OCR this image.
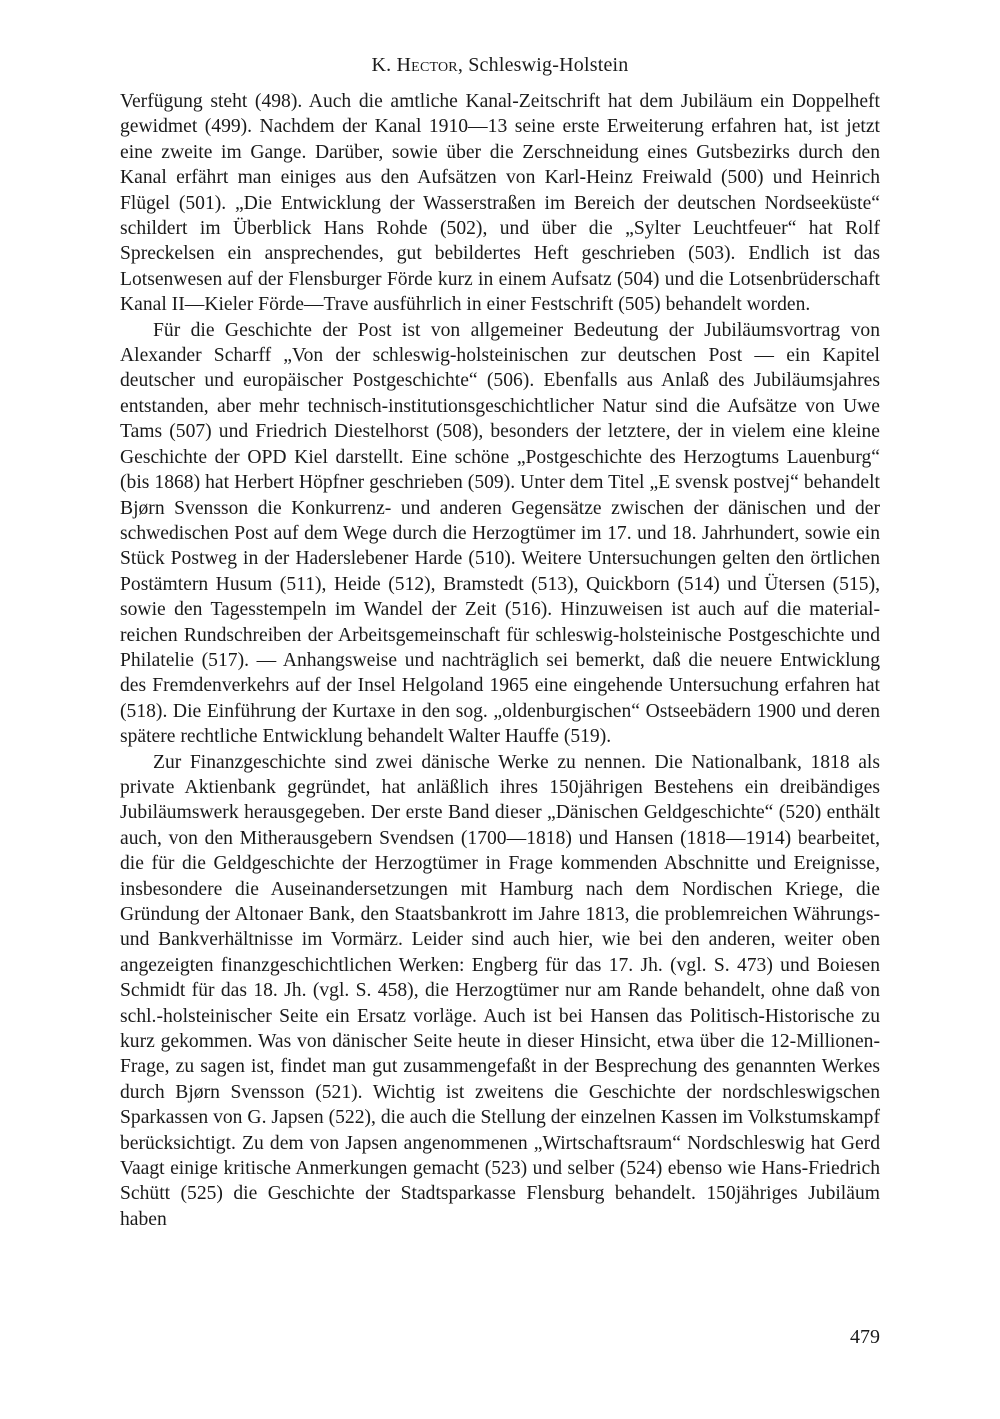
K. Hector, Schleswig-Holstein

Verfügung steht (498). Auch die amtliche Kanal-Zeitschrift hat dem Jubiläum ein Doppelheft gewidmet (499). Nachdem der Kanal 1910—13 seine erste Erweiterung erfahren hat, ist jetzt eine zweite im Gange. Darüber, sowie über die Zerschneidung eines Gutsbezirks durch den Kanal erfährt man einiges aus den Aufsätzen von Karl-Heinz Freiwald (500) und Heinrich Flügel (501). „Die Entwicklung der Wasserstraßen im Bereich der deutschen Nordseeküste“ schildert im Überblick Hans Rohde (502), und über die „Sylter Leuchtfeuer“ hat Rolf Spreckelsen ein ansprechendes, gut bebildertes Heft geschrieben (503). Endlich ist das Lotsenwesen auf der Flensburger Förde kurz in einem Aufsatz (504) und die Lotsenbrüderschaft Kanal II—Kieler Förde—Trave ausführlich in einer Festschrift (505) behandelt worden.

Für die Geschichte der Post ist von allgemeiner Bedeutung der Jubiläumsvortrag von Alexander Scharff „Von der schleswig-holsteinischen zur deutschen Post — ein Kapitel deutscher und europäischer Postgeschichte“ (506). Ebenfalls aus Anlaß des Jubiläumsjahres entstanden, aber mehr technisch-institutionsgeschichtlicher Natur sind die Aufsätze von Uwe Tams (507) und Friedrich Diestelhorst (508), besonders der letztere, der in vielem eine kleine Geschichte der OPD Kiel darstellt. Eine schöne „Postgeschichte des Herzogtums Lauenburg“ (bis 1868) hat Herbert Höpfner geschrieben (509). Unter dem Titel „E svensk postvej“ behandelt Bjørn Svensson die Konkurrenz- und anderen Gegensätze zwischen der dänischen und der schwedischen Post auf dem Wege durch die Herzogtümer im 17. und 18. Jahrhundert, sowie ein Stück Postweg in der Haderslebener Harde (510). Weitere Untersuchungen gelten den örtlichen Postämtern Husum (511), Heide (512), Bramstedt (513), Quickborn (514) und Ütersen (515), sowie den Tagesstempeln im Wandel der Zeit (516). Hinzuweisen ist auch auf die materialreichen Rundschreiben der Arbeitsgemeinschaft für schleswig-holsteinische Postgeschichte und Philatelie (517). — Anhangsweise und nachträglich sei bemerkt, daß die neuere Entwicklung des Fremdenverkehrs auf der Insel Helgoland 1965 eine eingehende Untersuchung erfahren hat (518). Die Einführung der Kurtaxe in den sog. „oldenburgischen“ Ostseebädern 1900 und deren spätere rechtliche Entwicklung behandelt Walter Hauffe (519).

Zur Finanzgeschichte sind zwei dänische Werke zu nennen. Die Nationalbank, 1818 als private Aktienbank gegründet, hat anläßlich ihres 150jährigen Bestehens ein dreibändiges Jubiläumswerk herausgegeben. Der erste Band dieser „Dänischen Geldgeschichte“ (520) enthält auch, von den Mitherausgebern Svendsen (1700—1818) und Hansen (1818—1914) bearbeitet, die für die Geldgeschichte der Herzogtümer in Frage kommenden Abschnitte und Ereignisse, insbesondere die Auseinandersetzungen mit Hamburg nach dem Nordischen Kriege, die Gründung der Altonaer Bank, den Staatsbankrott im Jahre 1813, die problemreichen Währungs- und Bankverhältnisse im Vormärz. Leider sind auch hier, wie bei den anderen, weiter oben angezeigten finanzgeschichtlichen Werken: Engberg für das 17. Jh. (vgl. S. 473) und Boiesen Schmidt für das 18. Jh. (vgl. S. 458), die Herzogtümer nur am Rande behandelt, ohne daß von schl.-holsteinischer Seite ein Ersatz vorläge. Auch ist bei Hansen das Politisch-Historische zu kurz gekommen. Was von dänischer Seite heute in dieser Hinsicht, etwa über die 12-Millionen-Frage, zu sagen ist, findet man gut zusammengefaßt in der Besprechung des genannten Werkes durch Bjørn Svensson (521). Wichtig ist zweitens die Geschichte der nordschleswigschen Sparkassen von G. Japsen (522), die auch die Stellung der einzelnen Kassen im Volkstumskampf berücksichtigt. Zu dem von Japsen angenommenen „Wirtschaftsraum“ Nordschleswig hat Gerd Vaagt einige kritische Anmerkungen gemacht (523) und selber (524) ebenso wie Hans-Friedrich Schütt (525) die Geschichte der Stadtsparkasse Flensburg behandelt. 150jähriges Jubiläum haben

479
